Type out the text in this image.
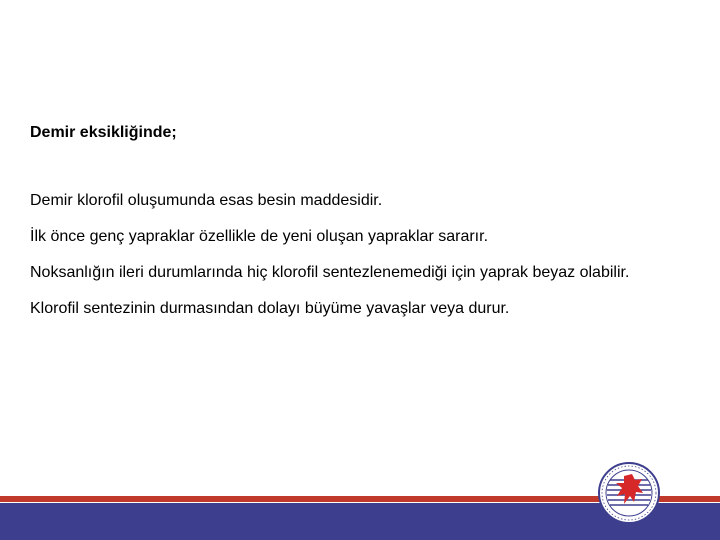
Demir eksikliğinde;
Demir klorofil oluşumunda esas besin maddesidir.
İlk önce genç yapraklar özellikle de yeni oluşan yapraklar sararır.
Noksanlığın ileri durumlarında hiç klorofil sentezlenemediği için yaprak beyaz olabilir.
Klorofil sentezinin durmasından dolayı büyüme yavaşlar veya durur.
